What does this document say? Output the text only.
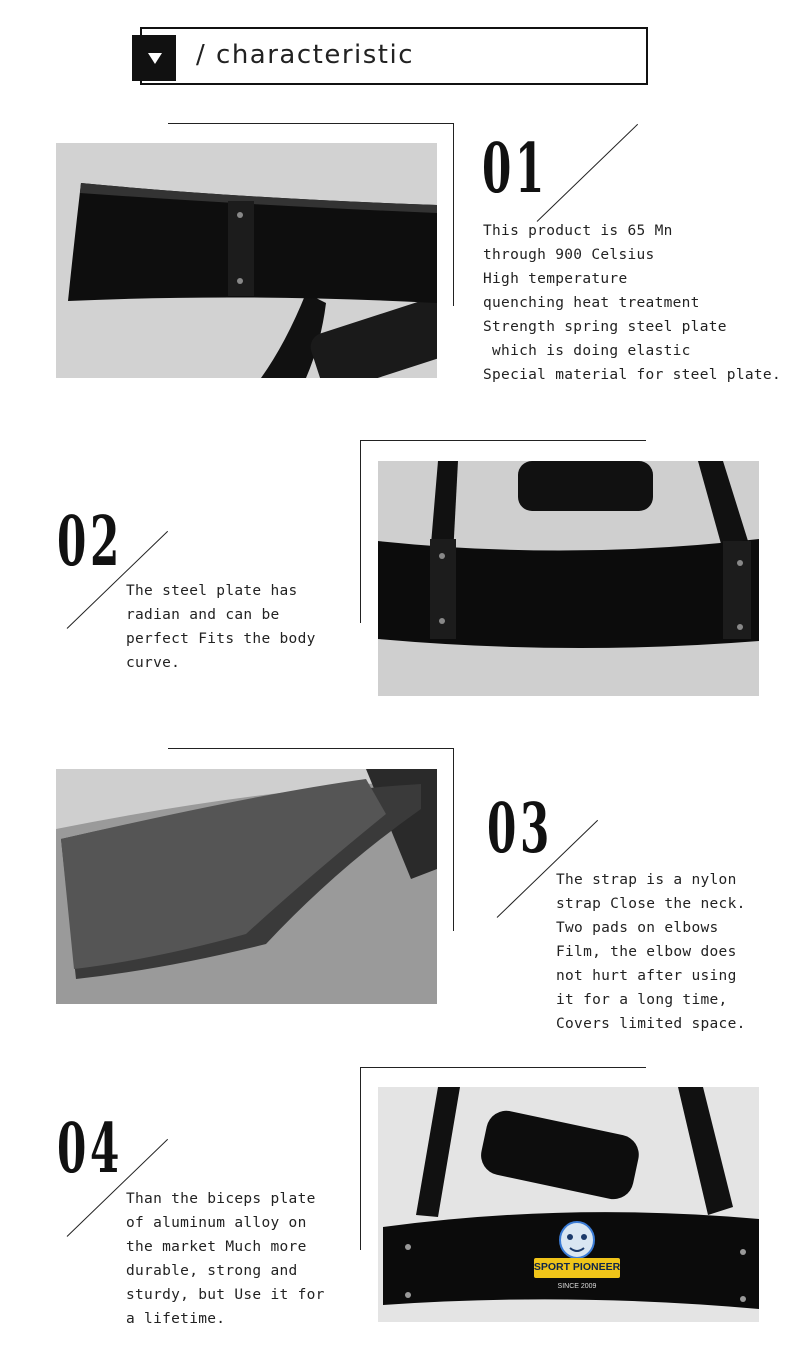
/ characteristic
01
This product is 65 Mn
through 900 Celsius
High temperature
quenching heat treatment
Strength spring steel plate
which is doing elastic
Special material for steel plate.
02
The steel plate has
radian and can be
perfect Fits the body
curve.
03
The strap is a nylon
strap Close the neck.
Two pads on elbows
Film, the elbow does
not hurt after using
it for a long time,
Covers limited space.
SPORT PIONEER
SINCE 2009
04
Than the biceps plate
of aluminum alloy on
the market Much more
durable, strong and
sturdy, but Use it for
a lifetime.
